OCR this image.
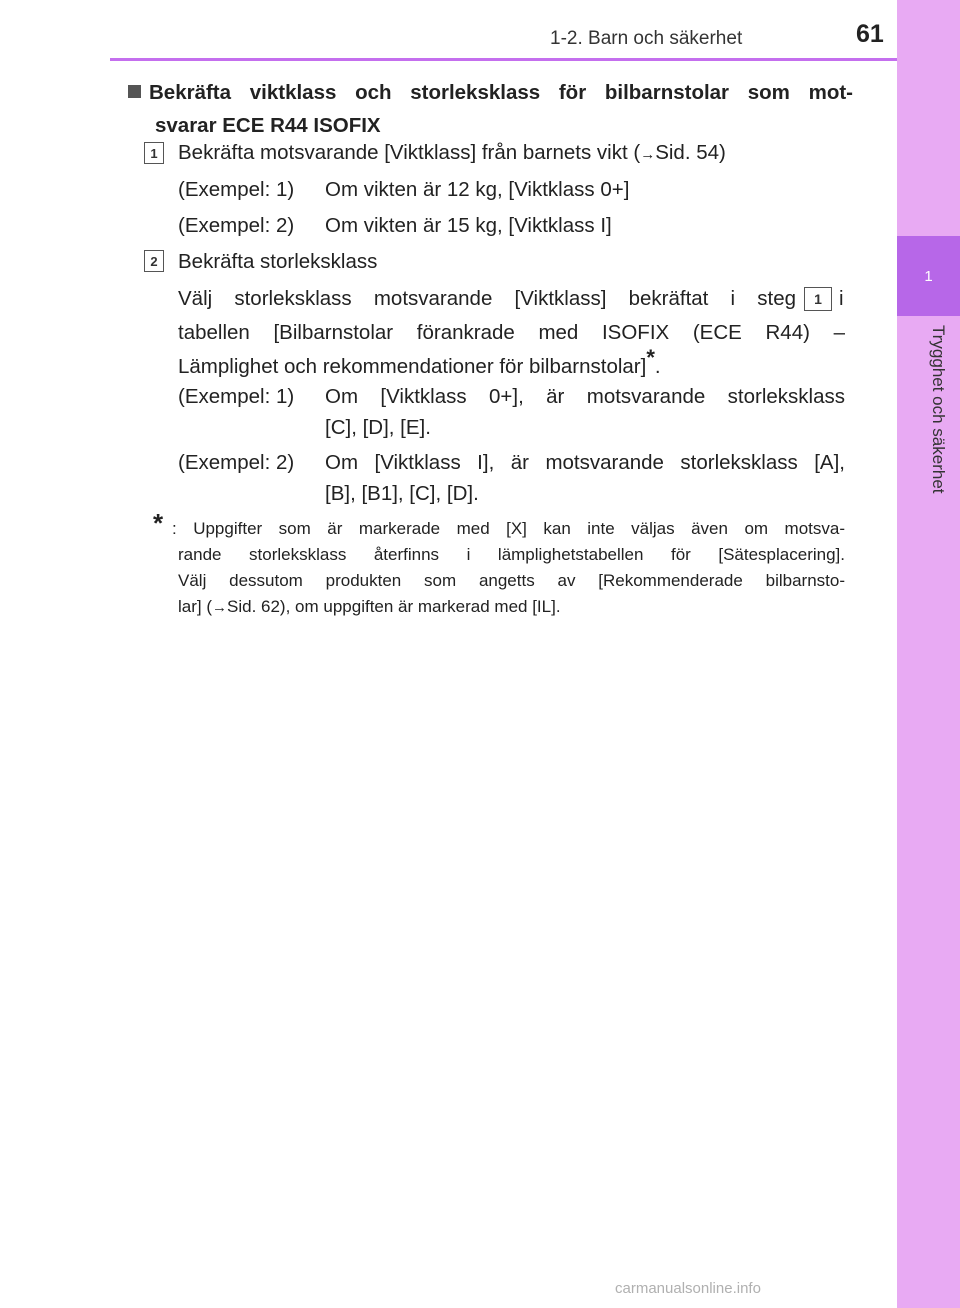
1
Trygghet och säkerhet
1-2. Barn och säkerhet	61
Bekräfta viktklass och storleksklass för bilbarnstolar som mot-
svarar ECE R44 ISOFIX
1 Bekräfta motsvarande [Viktklass] från barnets vikt (→Sid. 54)
(Exempel: 1) Om vikten är 12 kg, [Viktklass 0+]
(Exempel: 2) Om vikten är 15 kg, [Viktklass I]
2 Bekräfta storleksklass
Välj storleksklass motsvarande [Viktklass] bekräftat i steg	1 i
tabellen [Bilbarnstolar förankrade med ISOFIX (ECE R44) –
Lämplighet och rekommendationer för bilbarnstolar]*.
(Exempel: 1) Om [Viktklass 0+], är motsvarande storleksklass
[C], [D], [E].
(Exempel: 2) Om [Viktklass I], är motsvarande storleksklass [A],
[B], [B1], [C], [D].
* : Uppgifter som är markerade med [X] kan inte väljas även om motsva-
rande storleksklass återfinns i lämplighetstabellen för [Sätesplacering].
Välj dessutom produkten som angetts av [Rekommenderade bilbarnsto-
lar] (→Sid. 62), om uppgiften är markerad med [IL].
carmanualsonline.info
